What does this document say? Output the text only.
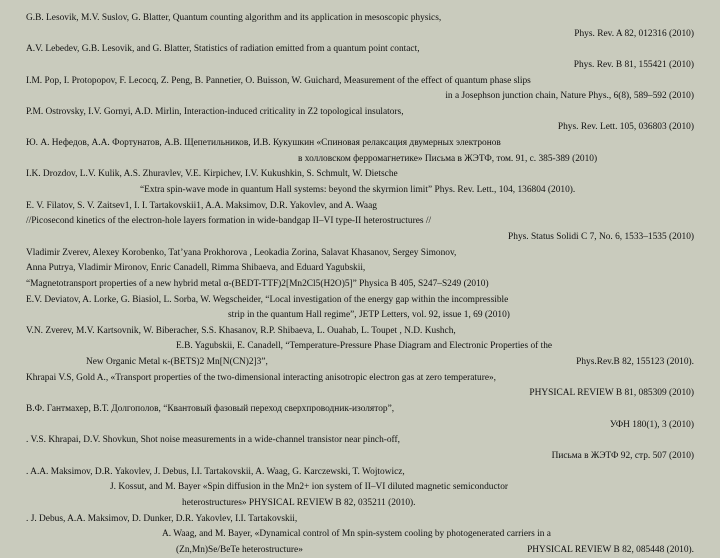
G.B. Lesovik, M.V. Suslov, G. Blatter, Quantum counting algorithm and its application in mesoscopic physics,
Phys. Rev. A 82, 012316 (2010)
A.V. Lebedev, G.B. Lesovik, and G. Blatter, Statistics of radiation emitted from a quantum point contact,
Phys. Rev. B 81, 155421 (2010)
I.M. Pop, I. Protopopov, F. Lecocq, Z. Peng, B. Pannetier, O. Buisson, W. Guichard, Measurement of the effect of quantum phase slips
in a Josephson junction chain, Nature Phys., 6(8), 589–592 (2010)
P.M. Ostrovsky, I.V. Gornyi, A.D. Mirlin, Interaction-induced criticality in Z2 topological insulators,
Phys. Rev. Lett. 105, 036803 (2010)
Ю. А. Нефедов, А.А. Фортунатов, А.В. Щепетильников, И.В. Кукушкин «Спиновая релаксация двумерных электронов
в холловском ферромагнетике» Письма в ЖЭТФ, том. 91, с. 385-389 (2010)
I.K. Drozdov, L.V. Kulik, A.S. Zhuravlev, V.E. Kirpichev, I.V. Kukushkin, S. Schmult, W. Dietsche
“Extra spin-wave mode in quantum Hall systems: beyond the skyrmion limit” Phys. Rev. Lett., 104, 136804 (2010).
E. V. Filatov, S. V. Zaitsev1, I. I. Tartakovskii1, A.A. Maksimov, D.R. Yakovlev, and A. Waag
//Picosecond kinetics of the electron-hole layers formation in wide-bandgap II–VI type-II heterostructures //
Phys. Status Solidi C 7, No. 6, 1533–1535 (2010)
Vladimir Zverev, Alexey Korobenko, Tat’yana Prokhorova , Leokadia Zorina, Salavat Khasanov, Sergey Simonov,
Anna Putrya, Vladimir Mironov, Enric Canadell, Rimma Shibaeva, and Eduard Yagubskii,
“Magnetotransport properties of a new hybrid metal α-(BEDT-TTF)2[Mn2Cl5(H2O)5]” Physica B 405, S247–S249 (2010)
E.V. Deviatov, A. Lorke, G. Biasiol, L. Sorba, W. Wegscheider, “Local investigation of the energy gap within the incompressible
strip in the quantum Hall regime”, JETP Letters, vol. 92, issue 1, 69 (2010)
V.N. Zverev, M.V. Kartsovnik, W. Biberacher, S.S. Khasanov, R.P. Shibaeva, L. Ouahab, L. Toupet , N.D. Kushch,
E.B. Yagubskii, E. Canadell, “Temperature-Pressure Phase Diagram and Electronic Properties of the
New Organic Metal κ-(BETS)2 Mn[N(CN)2]3”,	Phys.Rev.B 82, 155123 (2010).
Khrapai V.S, Gold A., «Transport properties of the two-dimensional interacting anisotropic electron gas at zero temperature»,
PHYSICAL REVIEW B 81, 085309 (2010)
В.Ф. Гантмахер, В.Т. Долгополов, “Квантовый фазовый переход сверхпроводник-изолятор”,
УФН 180(1), 3 (2010)
. V.S. Khrapai, D.V. Shovkun, Shot noise measurements in a wide-channel transistor near pinch-off,
Письма в ЖЭТФ 92, стр. 507 (2010)
. A.A. Maksimov, D.R. Yakovlev, J. Debus, I.I. Tartakovskii, A. Waag, G. Karczewski, T. Wojtowicz,
J. Kossut, and M. Bayer «Spin diffusion in the Mn2+ ion system of II–VI diluted magnetic semiconductor
heterostructures» PHYSICAL REVIEW B 82, 035211 (2010).
. J. Debus, A.A. Maksimov, D. Dunker, D.R. Yakovlev, I.I. Tartakovskii,
A. Waag, and M. Bayer, «Dynamical control of Mn spin-system cooling by photogenerated carriers in a
(Zn,Mn)Se/BeTe heterostructure»	PHYSICAL REVIEW B 82, 085448 (2010).
